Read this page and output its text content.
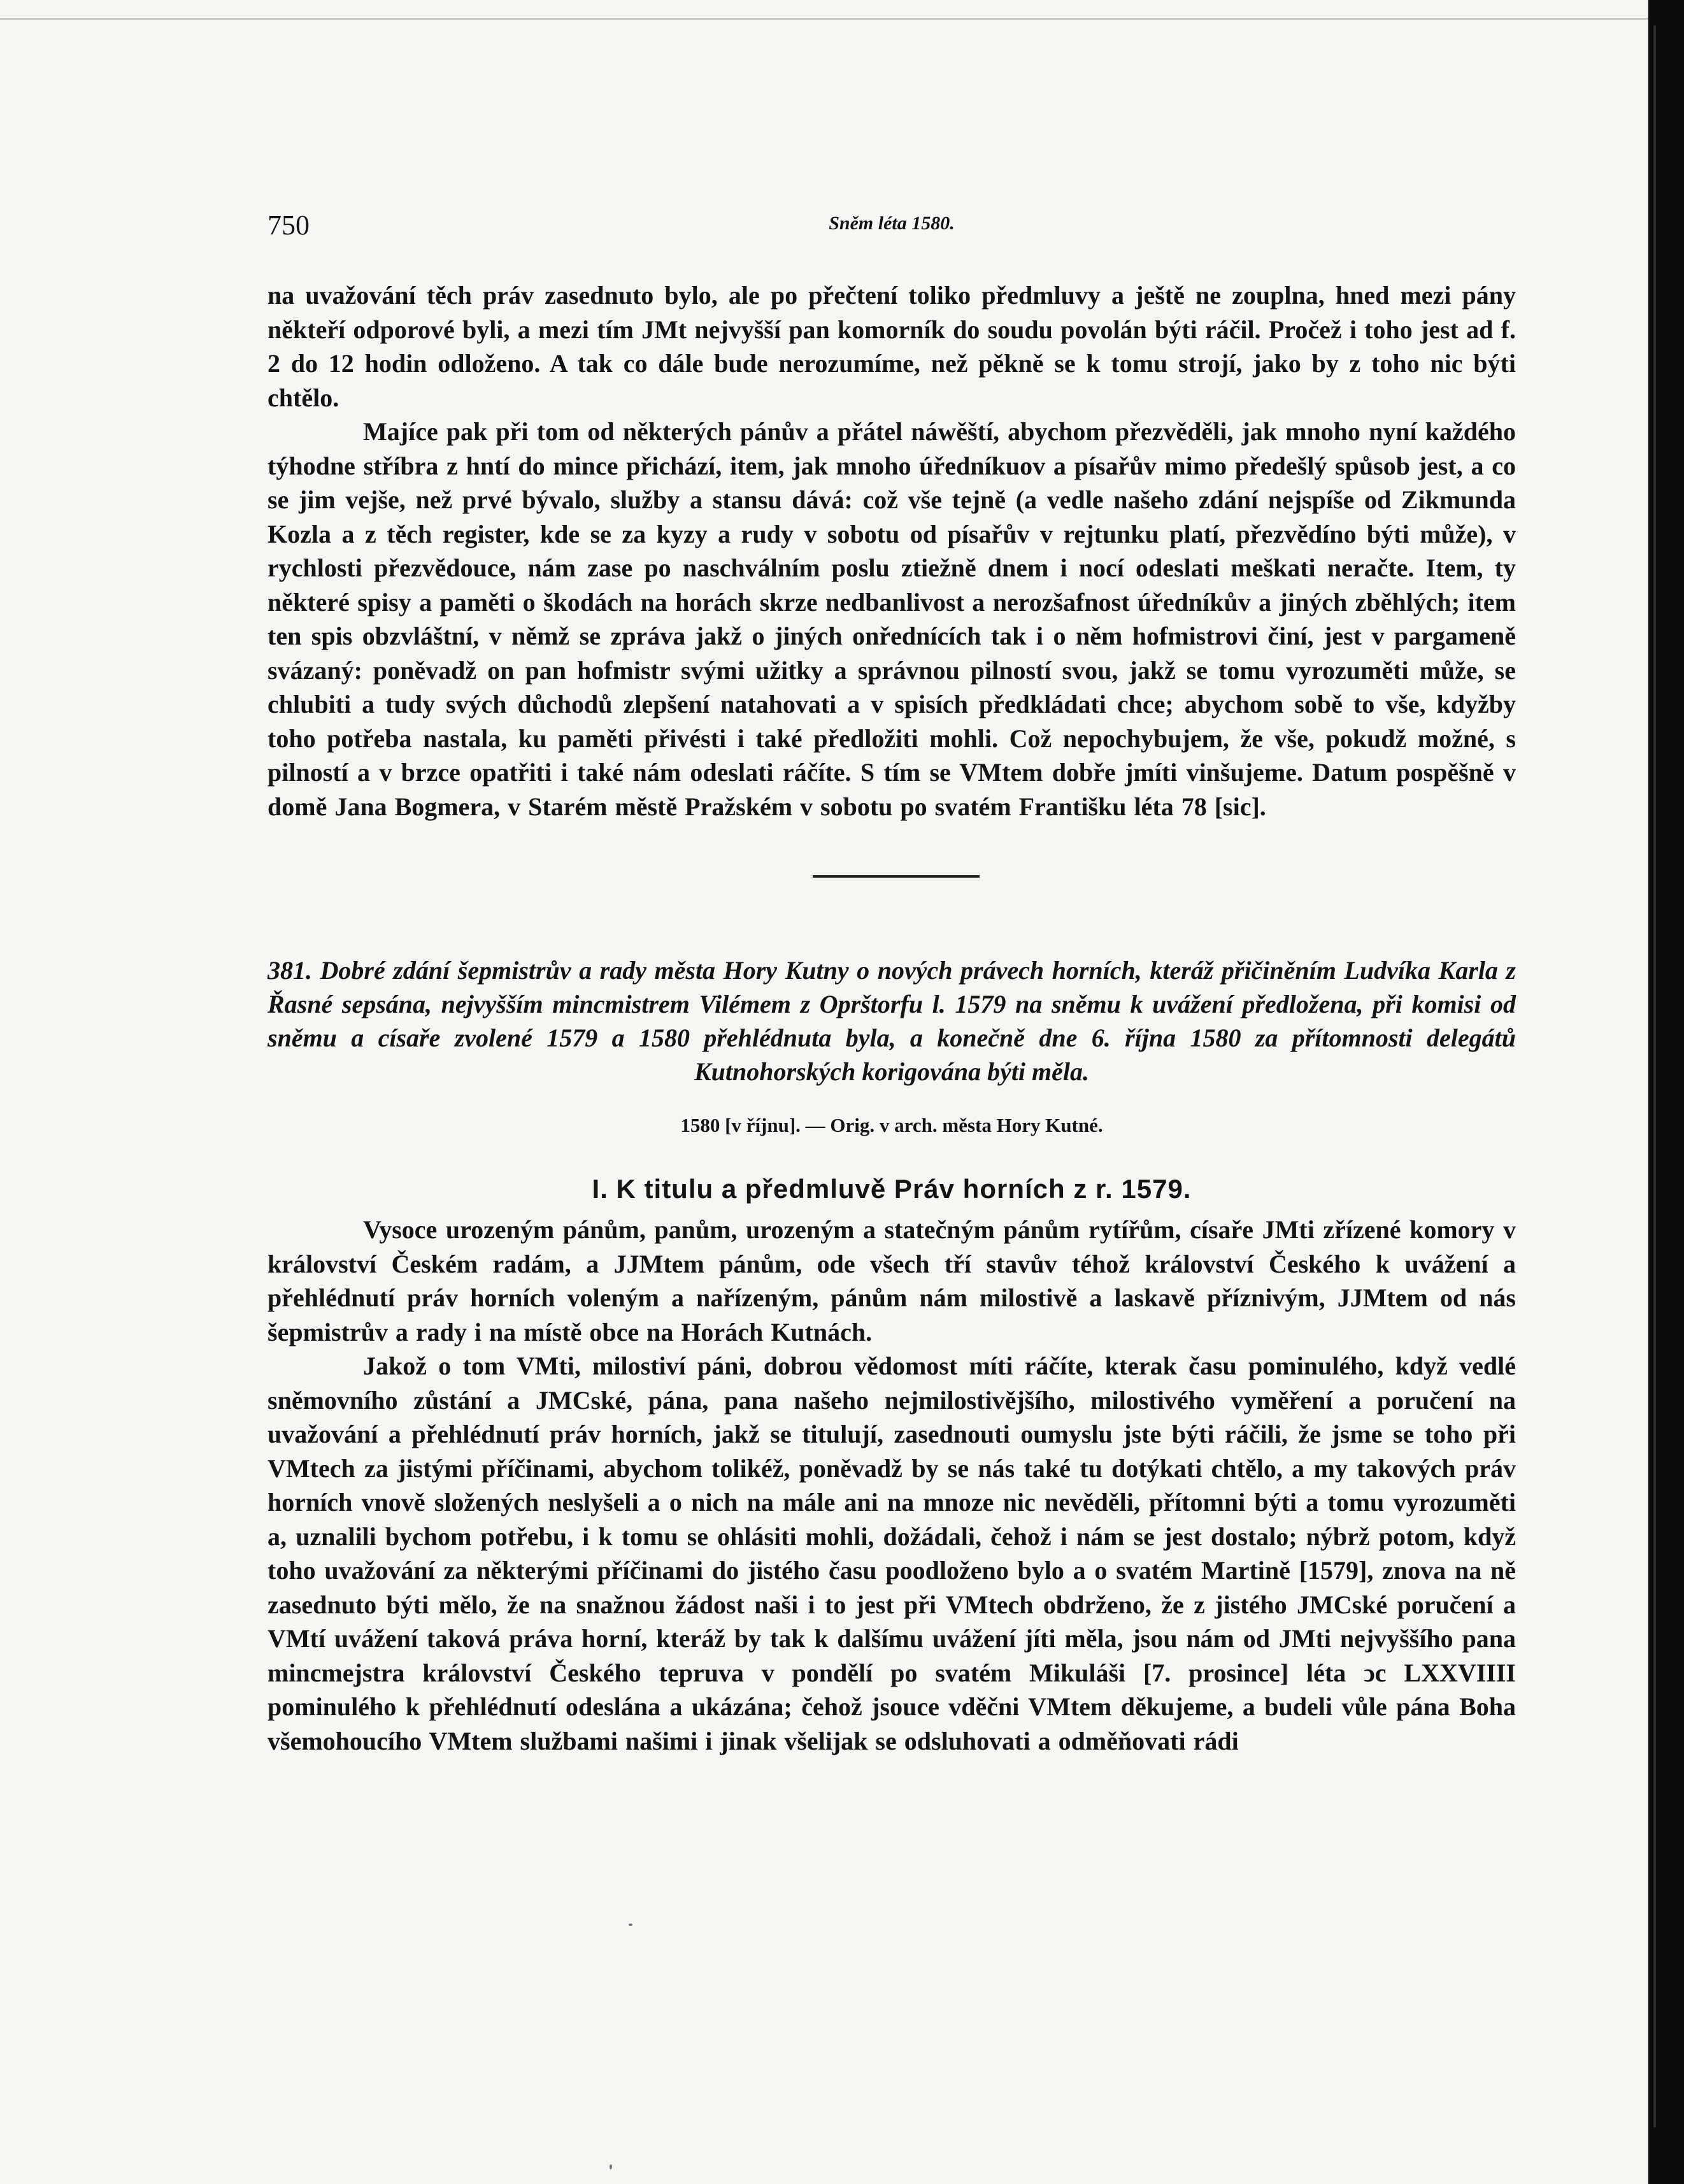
750	Sněm léta 1580.

na uvažování těch práv zasednuto bylo, ale po přečtení toliko předmluvy a ještě ne zouplna, hned mezi pány někteří odporové byli, a mezi tím JMt nejvyšší pan komorník do soudu povolán býti ráčil. Pročež i toho jest ad f. 2 do 12 hodin odloženo. A tak co dále bude nerozumíme, než pěkně se k tomu strojí, jako by z toho nic býti chtělo.

Majíce pak při tom od některých pánův a přátel náwěští, abychom přezvěděli, jak mnoho nyní každého týhodne stříbra z hntí do mince přichází, item, jak mnoho úředníkuov a písařův mimo předešlý spůsob jest, a co se jim vejše, než prvé bývalo, služby a stansu dává: což vše tejně (a vedle našeho zdání nejspíše od Zikmunda Kozla a z těch register, kde se za kyzy a rudy v sobotu od písařův v rejtunku platí, přezvědíno býti může), v rychlosti přezvědouce, nám zase po naschválním poslu ztiežně dnem i nocí odeslati meškati neračte. Item, ty některé spisy a paměti o škodách na horách skrze nedbanlivost a nerozšafnost úředníkův a jiných zběhlých; item ten spis obzvláštní, v němž se zpráva jakž o jiných onřednících tak i o něm hofmistrovi činí, jest v pargameně svázaný: poněvadž on pan hofmistr svými užitky a správnou pilností svou, jakž se tomu vyrozuměti může, se chlubiti a tudy svých důchodů zlepšení natahovati a v spisích předkládati chce; abychom sobě to vše, kdyžby toho potřeba nastala, ku paměti přivésti i také předložiti mohli. Což nepochybujem, že vše, pokudž možné, s pilností a v brzce opatřiti i také nám odeslati ráčíte. S tím se VMtem dobře jmíti vinšujeme. Datum pospěšně v domě Jana Bogmera, v Starém městě Pražském v sobotu po svatém Františku léta 78 [sic].

381. Dobré zdání šepmistrův a rady města Hory Kutny o nových právech horních, kteráž přičiněním Ludvíka Karla z Řasné sepsána, nejvyšším mincmistrem Vilémem z Oprštorfu l. 1579 na sněmu k uvážení předložena, při komisi od sněmu a císaře zvolené 1579 a 1580 přehlédnuta byla, a konečně dne 6. října 1580 za přítomnosti delegátů Kutnohorských korigována býti měla.

1580 [v říjnu]. — Orig. v arch. města Hory Kutné.
I. K titulu a předmluvě Práv horních z r. 1579.

Vysoce urozeným pánům, panům, urozeným a statečným pánům rytířům, císaře JMti zřízené komory v království Českém radám, a JJMtem pánům, ode všech tří stavův téhož království Českého k uvážení a přehlédnutí práv horních voleným a nařízeným, pánům nám milostivě a laskavě příznivým, JJMtem od nás šepmistrův a rady i na místě obce na Horách Kutnách.

Jakož o tom VMti, milostiví páni, dobrou vědomost míti ráčíte, kterak času pominulého, když vedlé sněmovního zůstání a JMCské, pána, pana našeho nejmilostivějšího, milostivého vyměření a poručení na uvažování a přehlédnutí práv horních, jakž se titulují, zasednouti oumyslu jste býti ráčili, že jsme se toho při VMtech za jistými příčinami, abychom tolikéž, poněvadž by se nás také tu dotýkati chtělo, a my takových práv horních vnově složených neslyšeli a o nich na mále ani na mnoze nic nevěděli, přítomni býti a tomu vyrozuměti a, uznalili bychom potřebu, i k tomu se ohlásiti mohli, dožádali, čehož i nám se jest dostalo; nýbrž potom, když toho uvažování za některými příčinami do jistého času poodloženo bylo a o svatém Martině [1579], znova na ně zasednuto býti mělo, že na snažnou žádost naši i to jest při VMtech obdrženo, že z jistého JMCské poručení a VMtí uvážení taková práva horní, kteráž by tak k dalšímu uvážení jíti měla, jsou nám od JMti nejvyššího pana mincmejstra království Českého tepruva v pondělí po svatém Mikuláši [7. prosince] léta ↄc LXXVIIII pominulého k přehlédnutí odeslána a ukázána; čehož jsouce vděčni VMtem děkujeme, a budeli vůle pána Boha všemohoucího VMtem službami našimi i jinak všelijak se odsluhovati a odměňovati rádi
